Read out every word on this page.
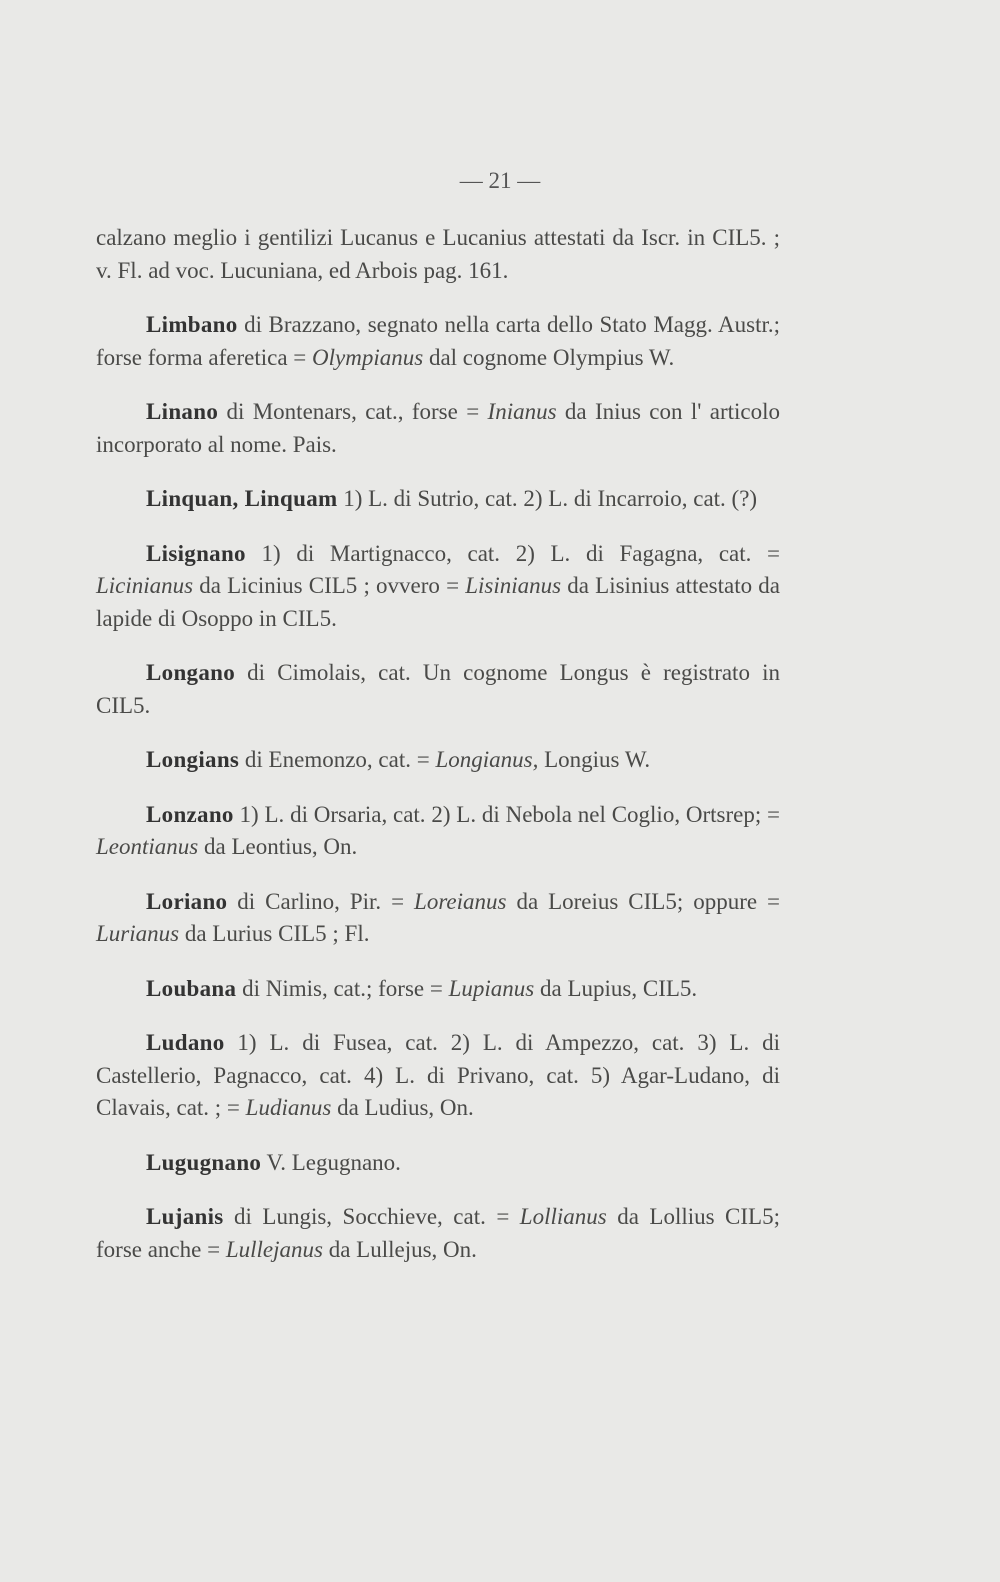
— 21 —

calzano meglio i gentilizi Lucanus e Lucanius attestati da Iscr. in CIL5. ; v. Fl. ad voc. Lucuniana, ed Arbois pag. 161.

Limbano di Brazzano, segnato nella carta dello Stato Magg. Austr.; forse forma aferetica = Olympianus dal cognome Olympius W.

Linano di Montenars, cat., forse = Inianus da Inius con l' articolo incorporato al nome. Pais.

Linquan, Linquam 1) L. di Sutrio, cat. 2) L. di Incarroio, cat. (?)

Lisignano 1) di Martignacco, cat. 2) L. di Fagagna, cat. = Licinianus da Licinius CIL5 ; ovvero = Lisinianus da Lisinius attestato da lapide di Osoppo in CIL5.

Longano di Cimolais, cat. Un cognome Longus è registrato in CIL5.

Longians di Enemonzo, cat. = Longianus, Longius W.

Lonzano 1) L. di Orsaria, cat. 2) L. di Nebola nel Coglio, Ortsrep; = Leontianus da Leontius, On.

Loriano di Carlino, Pir. = Loreianus da Loreius CIL5; oppure = Lurianus da Lurius CIL5 ; Fl.

Loubana di Nimis, cat.; forse = Lupianus da Lupius, CIL5.

Ludano 1) L. di Fusea, cat. 2) L. di Ampezzo, cat. 3) L. di Castellerio, Pagnacco, cat. 4) L. di Privano, cat. 5) Agar-Ludano, di Clavais, cat. ; = Ludianus da Ludius, On.

Lugugnano V. Legugnano.

Lujanis di Lungis, Socchieve, cat. = Lollianus da Lollius CIL5; forse anche = Lullejanus da Lullejus, On.
